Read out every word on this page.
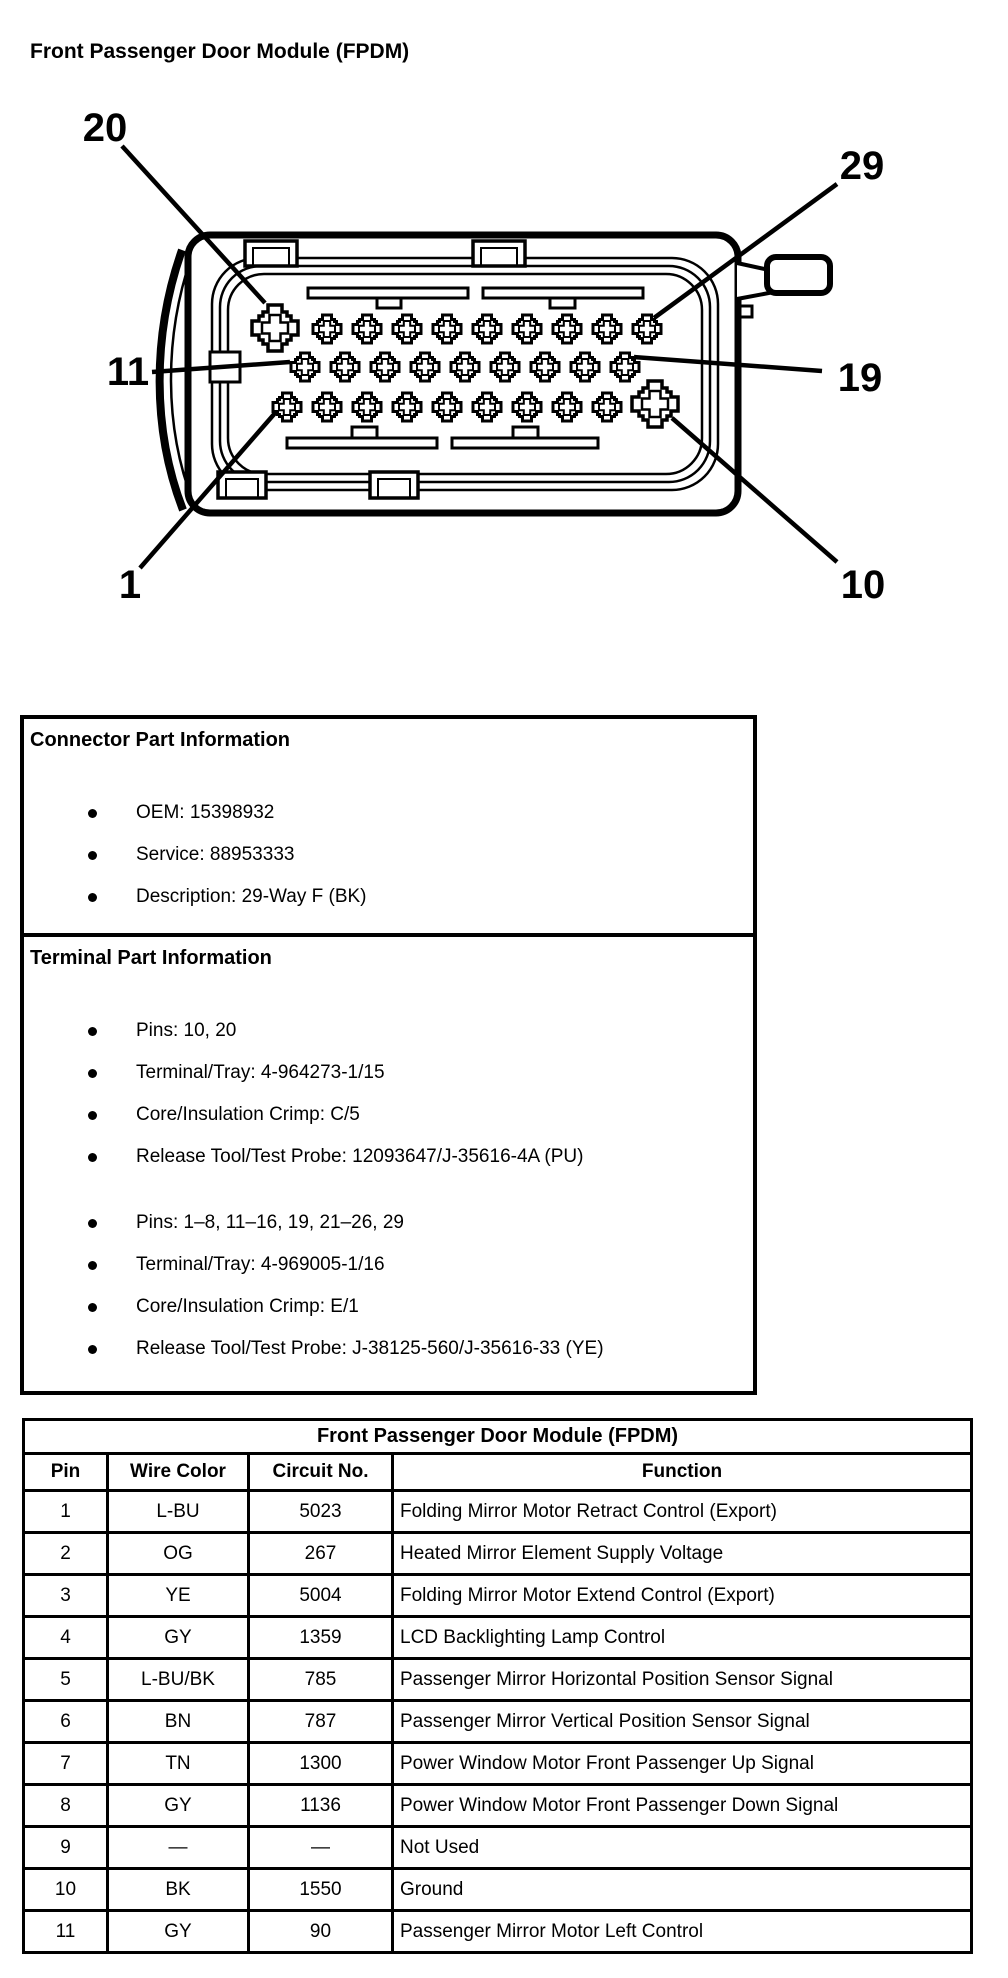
Front Passenger Door Module (FPDM)
20
29
11	19
1	10
Connector Part Information
OEM: 15398932
Service: 88953333
Description: 29-Way F (BK)
Terminal Part Information
Pins: 10, 20
Terminal/Tray: 4-964273-1/15
Core/Insulation Crimp: C/5
Release Tool/Test Probe: 12093647/J-35616-4A (PU)
Pins: 1–8, 11–16, 19, 21–26, 29
Terminal/Tray: 4-969005-1/16
Core/Insulation Crimp: E/1
Release Tool/Test Probe: J-38125-560/J-35616-33 (YE)
Front Passenger Door Module (FPDM)			
Pin	Wire Color	Circuit No.	Function
1	L-BU	5023	Folding Mirror Motor Retract Control (Export)
2	OG	267	Heated Mirror Element Supply Voltage
3	YE	5004	Folding Mirror Motor Extend Control (Export)
4	GY	1359	LCD Backlighting Lamp Control
5	L-BU/BK	785	Passenger Mirror Horizontal Position Sensor Signal
6	BN	787	Passenger Mirror Vertical Position Sensor Signal
7	TN	1300	Power Window Motor Front Passenger Up Signal
8	GY	1136	Power Window Motor Front Passenger Down Signal
9	—	—	Not Used
10	BK	1550	Ground
11	GY	90	Passenger Mirror Motor Left Control
